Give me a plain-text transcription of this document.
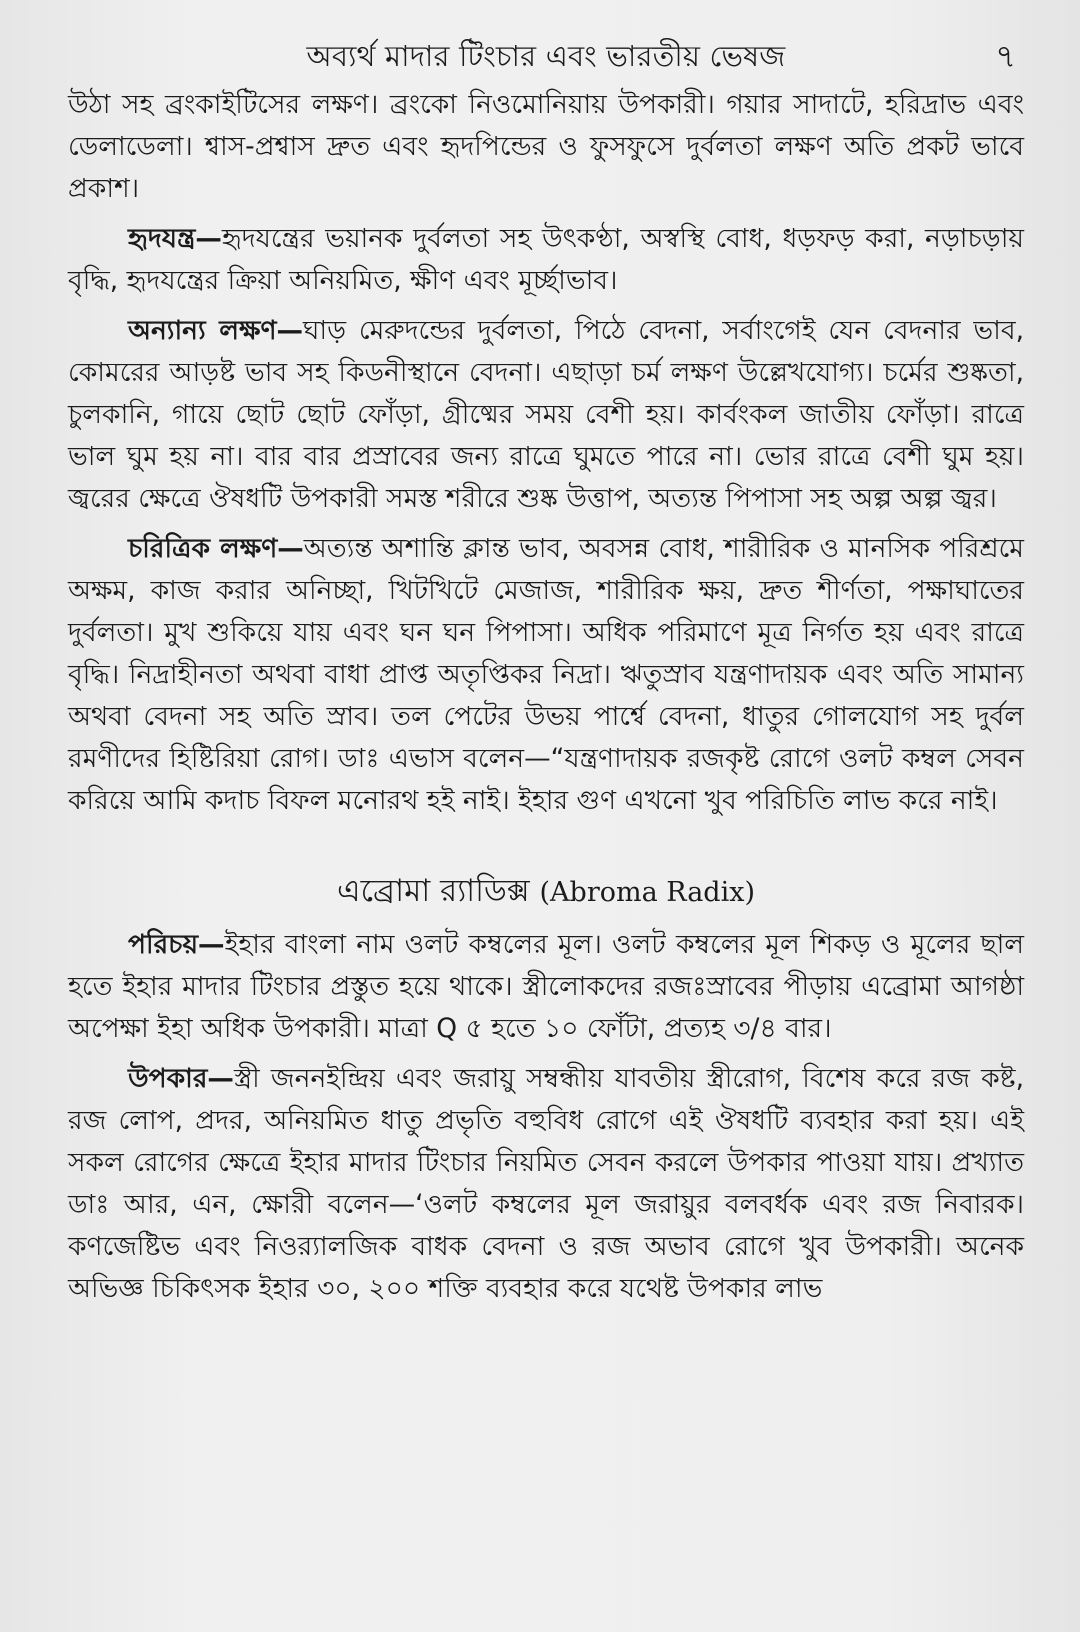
অব্যর্থ মাদার টিংচার এবং ভারতীয় ভেষজ	৭

উঠা সহ ব্রংকাইটিসের লক্ষণ। ব্রংকো নিওমোনিয়ায় উপকারী। গয়ার সাদাটে, হরিদ্রাভ এবং ডেলাডেলা। শ্বাস-প্রশ্বাস দ্রুত এবং হৃদপিন্ডের ও ফুসফুসে দুর্বলতা লক্ষণ অতি প্রকট ভাবে প্রকাশ।

হৃদযন্ত্র—হৃদযন্ত্রের ভয়ানক দুর্বলতা সহ উৎকণ্ঠা, অস্বস্থি বোধ, ধড়ফড় করা, নড়াচড়ায় বৃদ্ধি, হৃদযন্ত্রের ক্রিয়া অনিয়মিত, ক্ষীণ এবং মূর্চ্ছাভাব।

অন্যান্য লক্ষণ—ঘাড় মেরুদন্ডের দুর্বলতা, পিঠে বেদনা, সর্বাংগেই যেন বেদনার ভাব, কোমরের আড়ষ্ট ভাব সহ কিডনীস্থানে বেদনা। এছাড়া চর্ম লক্ষণ উল্লেখযোগ্য। চর্মের শুষ্কতা, চুলকানি, গায়ে ছোট ছোট ফোঁড়া, গ্রীষ্মের সময় বেশী হয়। কার্বংকল জাতীয় ফোঁড়া। রাত্রে ভাল ঘুম হয় না। বার বার প্রস্রাবের জন্য রাত্রে ঘুমতে পারে না। ভোর রাত্রে বেশী ঘুম হয়। জ্বরের ক্ষেত্রে ঔষধটি উপকারী সমস্ত শরীরে শুষ্ক উত্তাপ, অত্যন্ত পিপাসা সহ অল্প অল্প জ্বর।

চরিত্রিক লক্ষণ—অত্যন্ত অশান্তি ক্লান্ত ভাব, অবসন্ন বোধ, শারীরিক ও মানসিক পরিশ্রমে অক্ষম, কাজ করার অনিচ্ছা, খিটখিটে মেজাজ, শারীরিক ক্ষয়, দ্রুত শীর্ণতা, পক্ষাঘাতের দুর্বলতা। মুখ শুকিয়ে যায় এবং ঘন ঘন পিপাসা। অধিক পরিমাণে মূত্র নির্গত হয় এবং রাত্রে বৃদ্ধি। নিদ্রাহীনতা অথবা বাধা প্রাপ্ত অতৃপ্তিকর নিদ্রা। ঋতুস্রাব যন্ত্রণাদায়ক এবং অতি সামান্য অথবা বেদনা সহ অতি স্রাব। তল পেটের উভয় পার্শ্বে বেদনা, ধাতুর গোলযোগ সহ দুর্বল রমণীদের হিষ্টিরিয়া রোগ। ডাঃ এভাস বলেন—“যন্ত্রণাদায়ক রজকৃষ্ট রোগে ওলট কম্বল সেবন করিয়ে আমি কদাচ বিফল মনোরথ হই নাই। ইহার গুণ এখনো খুব পরিচিতি লাভ করে নাই।

এব্রোমা র‍্যাডিক্স (Abroma Radix)

পরিচয়—ইহার বাংলা নাম ওলট কম্বলের মূল। ওলট কম্বলের মূল শিকড় ও মূলের ছাল হতে ইহার মাদার টিংচার প্রস্তুত হয়ে থাকে। স্ত্রীলোকদের রজঃস্রাবের পীড়ায় এব্রোমা আগষ্ঠা অপেক্ষা ইহা অধিক উপকারী। মাত্রা Q ৫ হতে ১০ ফোঁটা, প্রত্যহ ৩/৪ বার।

উপকার—স্ত্রী জননইন্দ্রিয় এবং জরায়ু সম্বন্ধীয় যাবতীয় স্ত্রীরোগ, বিশেষ করে রজ কষ্ট, রজ লোপ, প্রদর, অনিয়মিত ধাতু প্রভৃতি বহুবিধ রোগে এই ঔষধটি ব্যবহার করা হয়। এই সকল রোগের ক্ষেত্রে ইহার মাদার টিংচার নিয়মিত সেবন করলে উপকার পাওয়া যায়। প্রখ্যাত ডাঃ আর, এন, ক্ষোরী বলেন—‘ওলট কম্বলের মূল জরায়ুর বলবর্ধক এবং রজ নিবারক। কণজেষ্টিভ এবং নিওর‍্যালজিক বাধক বেদনা ও রজ অভাব রোগে খুব উপকারী। অনেক অভিজ্ঞ চিকিৎসক ইহার ৩০, ২০০ শক্তি ব্যবহার করে যথেষ্ট উপকার লাভ
